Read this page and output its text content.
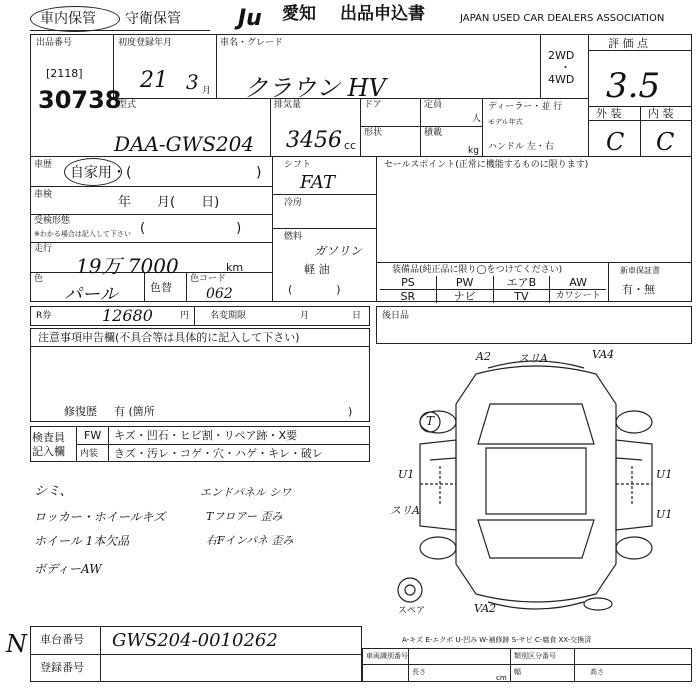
車内保管 守衛保管	Ju	愛知 出品申込書	JAPAN USED CAR DEALERS ASSOCIATION
出品番号
[2118]
30738
初度登録年月
21 3 月
車名・グレード
クラウン HV
2WD
・
4WD
評 価 点
3.5
外 装 内 装
C C
型式
DAA-GWS204
排気量
3456 cc
ドア	定員
人
形状	積載
kg
ディーラー・並 行
モデル年式
ハンドル 左・右
車歴 自家用・(	)
車検	年　　月(　　日)
受検形態
※わかる場合は記入して下さい (　　　　　　　)
走行
19万 7000	km
色
パール	色替
色コード
062
シフト
FAT
冷房
燃料
ガソリン
軽 油
(　　　　)
セールスポイント(正常に機能するものに限ります)
装備品(純正品に限り◯をつけてください)
PS	PW	エアB	AW
SR	ナビ	TV	カワシート
新車保証書
有・無
R券	12680	円 名変期限	月	日
注意事項申告欄(不具合等は具体的に記入して下さい)
修復歴 有 (箇所	)
後日品
検査員
記入欄
FW キズ・凹石・ヒビ割・リペア跡・X要
内装 きズ・汚レ・コゲ・穴・ハゲ・キレ・破レ
シミ、
ロッカー・ホイールキズ
ホイール 1本欠品
ボディーAW
エンドパネル シワ
Tフロアー 歪み
右Fインパネ 歪み
A2 スリA	VA4
U1	U1
スリA	U1
VA2
T
スペア
A-キズ E-エクボ U-凹み W-補修跡 S-サビ C-腐食 XX-交換済
車台番号 GWS204-0010262
登録番号
車両識別番号	類別区分番号
長さ	幅	高さ
cm
N
